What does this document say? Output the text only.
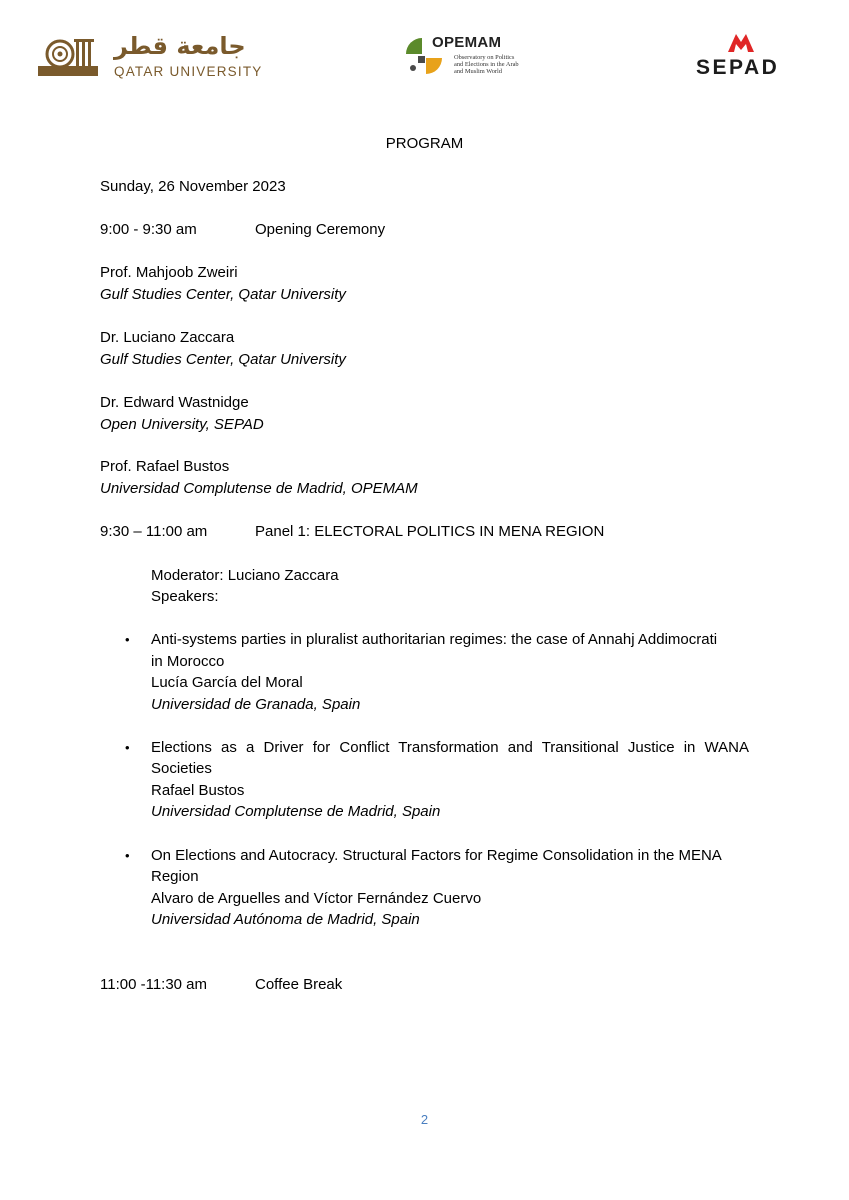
جامعة قطر
QATAR UNIVERSITY
OPEMAM
Observatory on Politics
and Elections in the Arab
and Muslim World	SEPAD
PROGRAM
Sunday, 26 November 2023
9:00 - 9:30 am	Opening Ceremony
Prof. Mahjoob Zweiri
Gulf Studies Center, Qatar University
Dr. Luciano Zaccara
Gulf Studies Center, Qatar University
Dr. Edward Wastnidge
Open University, SEPAD
Prof. Rafael Bustos
Universidad Complutense de Madrid, OPEMAM
9:30 – 11:00 am	Panel 1: ELECTORAL POLITICS IN MENA REGION
Moderator: Luciano Zaccara
Speakers:
• Anti-systems parties in pluralist authoritarian regimes: the case of Annahj Addimocrati
in Morocco
Lucía García del Moral
Universidad de Granada, Spain
• Elections as a Driver for Conflict Transformation and Transitional Justice in WANA
Societies
Rafael Bustos
Universidad Complutense de Madrid, Spain
• On Elections and Autocracy. Structural Factors for Regime Consolidation in the MENA
Region
Alvaro de Arguelles and Víctor Fernández Cuervo
Universidad Autónoma de Madrid, Spain
11:00 -11:30 am	Coffee Break
2
